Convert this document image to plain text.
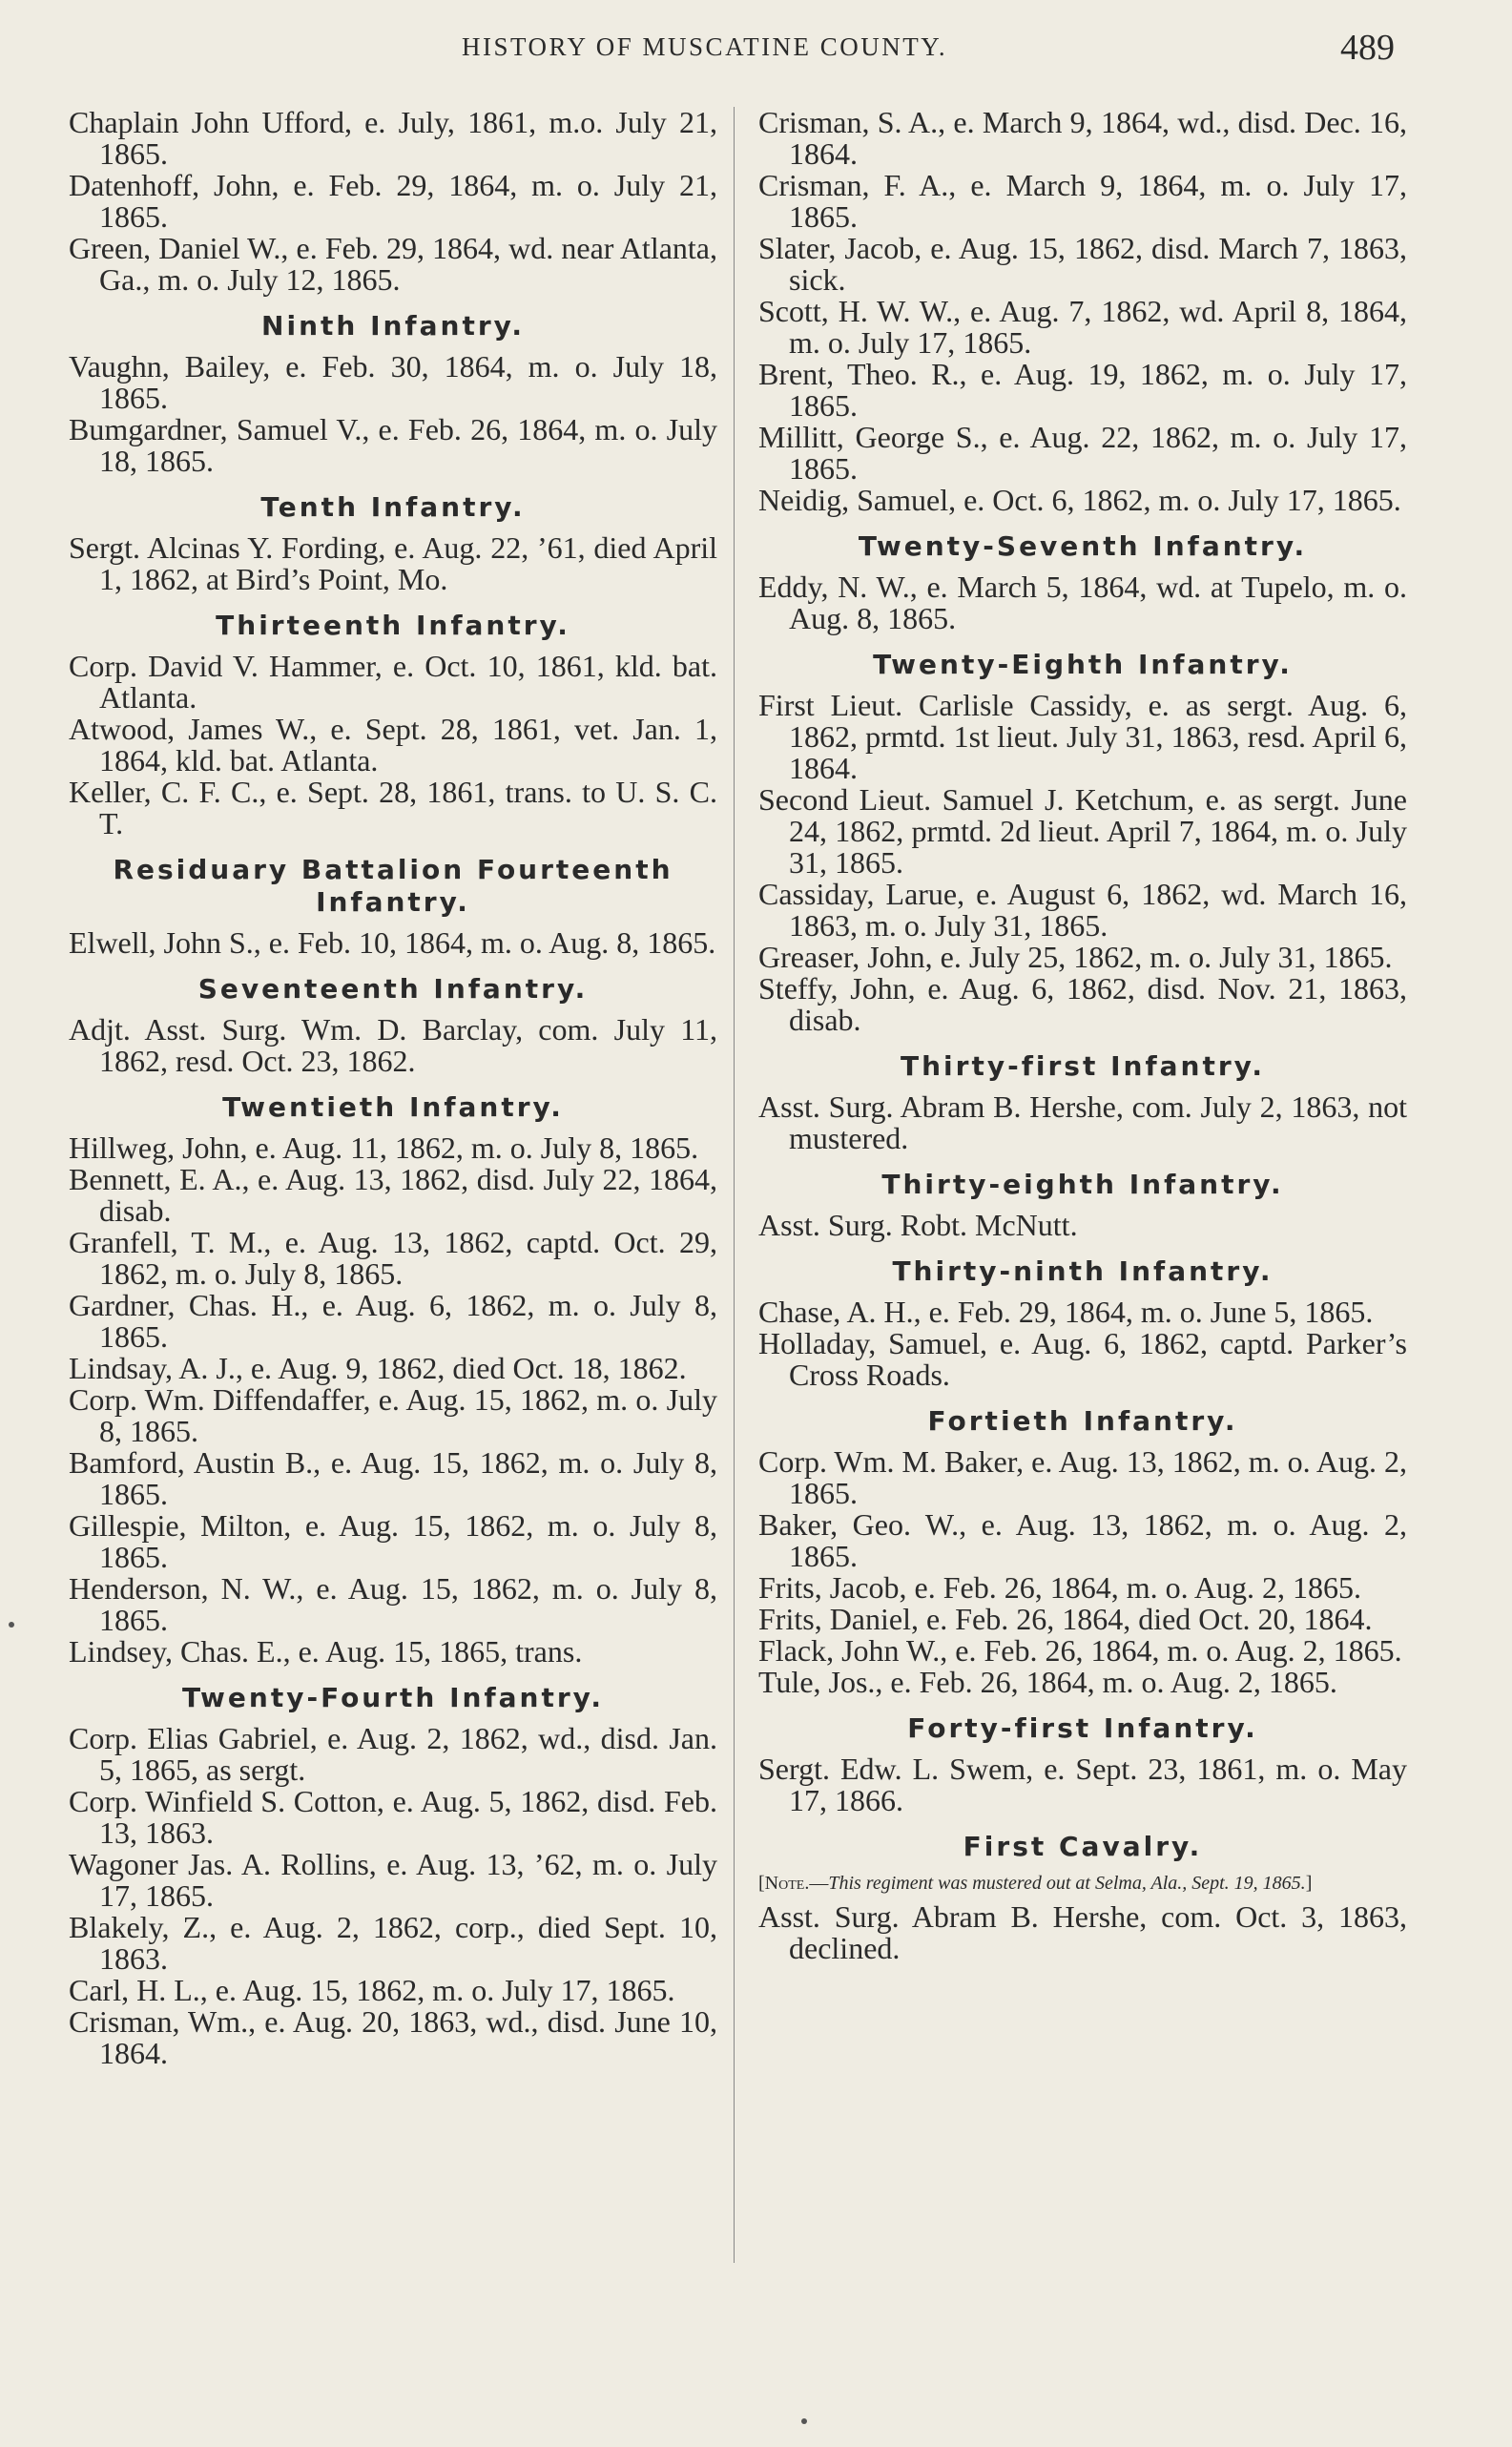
HISTORY OF MUSCATINE COUNTY.	489
Chaplain John Ufford, e. July, 1861, m.o. July 21, 1865.
Datenhoff, John, e. Feb. 29, 1864, m. o. July 21, 1865.
Green, Daniel W., e. Feb. 29, 1864, wd. near Atlanta, Ga., m. o. July 12, 1865.
Ninth Infantry.
Vaughn, Bailey, e. Feb. 30, 1864, m. o. July 18, 1865.
Bumgardner, Samuel V., e. Feb. 26, 1864, m. o. July 18, 1865.
Tenth Infantry.
Sergt. Alcinas Y. Fording, e. Aug. 22, ’61, died April 1, 1862, at Bird’s Point, Mo.
Thirteenth Infantry.
Corp. David V. Hammer, e. Oct. 10, 1861, kld. bat. Atlanta.
Atwood, James W., e. Sept. 28, 1861, vet. Jan. 1, 1864, kld. bat. Atlanta.
Keller, C. F. C., e. Sept. 28, 1861, trans. to U. S. C. T.
Residuary Battalion Fourteenth
Infantry.
Elwell, John S., e. Feb. 10, 1864, m. o. Aug. 8, 1865.
Seventeenth Infantry.
Adjt. Asst. Surg. Wm. D. Barclay, com. July 11, 1862, resd. Oct. 23, 1862.
Twentieth Infantry.
Hillweg, John, e. Aug. 11, 1862, m. o. July 8, 1865.
Bennett, E. A., e. Aug. 13, 1862, disd. July 22, 1864, disab.
Granfell, T. M., e. Aug. 13, 1862, captd. Oct. 29, 1862, m. o. July 8, 1865.
Gardner, Chas. H., e. Aug. 6, 1862, m. o. July 8, 1865.
Lindsay, A. J., e. Aug. 9, 1862, died Oct. 18, 1862.
Corp. Wm. Diffendaffer, e. Aug. 15, 1862, m. o. July 8, 1865.
Bamford, Austin B., e. Aug. 15, 1862, m. o. July 8, 1865.
Gillespie, Milton, e. Aug. 15, 1862, m. o. July 8, 1865.
Henderson, N. W., e. Aug. 15, 1862, m. o. July 8, 1865.
Lindsey, Chas. E., e. Aug. 15, 1865, trans.
Twenty-Fourth Infantry.
Corp. Elias Gabriel, e. Aug. 2, 1862, wd., disd. Jan. 5, 1865, as sergt.
Corp. Winfield S. Cotton, e. Aug. 5, 1862, disd. Feb. 13, 1863.
Wagoner Jas. A. Rollins, e. Aug. 13, ’62, m. o. July 17, 1865.
Blakely, Z., e. Aug. 2, 1862, corp., died Sept. 10, 1863.
Carl, H. L., e. Aug. 15, 1862, m. o. July 17, 1865.
Crisman, Wm., e. Aug. 20, 1863, wd., disd. June 10, 1864.
Crisman, S. A., e. March 9, 1864, wd., disd. Dec. 16, 1864.
Crisman, F. A., e. March 9, 1864, m. o. July 17, 1865.
Slater, Jacob, e. Aug. 15, 1862, disd. March 7, 1863, sick.
Scott, H. W. W., e. Aug. 7, 1862, wd. April 8, 1864, m. o. July 17, 1865.
Brent, Theo. R., e. Aug. 19, 1862, m. o. July 17, 1865.
Millitt, George S., e. Aug. 22, 1862, m. o. July 17, 1865.
Neidig, Samuel, e. Oct. 6, 1862, m. o. July 17, 1865.
Twenty-Seventh Infantry.
Eddy, N. W., e. March 5, 1864, wd. at Tupelo, m. o. Aug. 8, 1865.
Twenty-Eighth Infantry.
First Lieut. Carlisle Cassidy, e. as sergt. Aug. 6, 1862, prmtd. 1st lieut. July 31, 1863, resd. April 6, 1864.
Second Lieut. Samuel J. Ketchum, e. as sergt. June 24, 1862, prmtd. 2d lieut. April 7, 1864, m. o. July 31, 1865.
Cassiday, Larue, e. August 6, 1862, wd. March 16, 1863, m. o. July 31, 1865.
Greaser, John, e. July 25, 1862, m. o. July 31, 1865.
Steffy, John, e. Aug. 6, 1862, disd. Nov. 21, 1863, disab.
Thirty-first Infantry.
Asst. Surg. Abram B. Hershe, com. July 2, 1863, not mustered.
Thirty-eighth Infantry.
Asst. Surg. Robt. McNutt.
Thirty-ninth Infantry.
Chase, A. H., e. Feb. 29, 1864, m. o. June 5, 1865.
Holladay, Samuel, e. Aug. 6, 1862, captd. Parker’s Cross Roads.
Fortieth Infantry.
Corp. Wm. M. Baker, e. Aug. 13, 1862, m. o. Aug. 2, 1865.
Baker, Geo. W., e. Aug. 13, 1862, m. o. Aug. 2, 1865.
Frits, Jacob, e. Feb. 26, 1864, m. o. Aug. 2, 1865.
Frits, Daniel, e. Feb. 26, 1864, died Oct. 20, 1864.
Flack, John W., e. Feb. 26, 1864, m. o. Aug. 2, 1865.
Tule, Jos., e. Feb. 26, 1864, m. o. Aug. 2, 1865.
Forty-first Infantry.
Sergt. Edw. L. Swem, e. Sept. 23, 1861, m. o. May 17, 1866.
First Cavalry.
[Note.—This regiment was mustered out at Selma, Ala., Sept. 19, 1865.]
Asst. Surg. Abram B. Hershe, com. Oct. 3, 1863, declined.
